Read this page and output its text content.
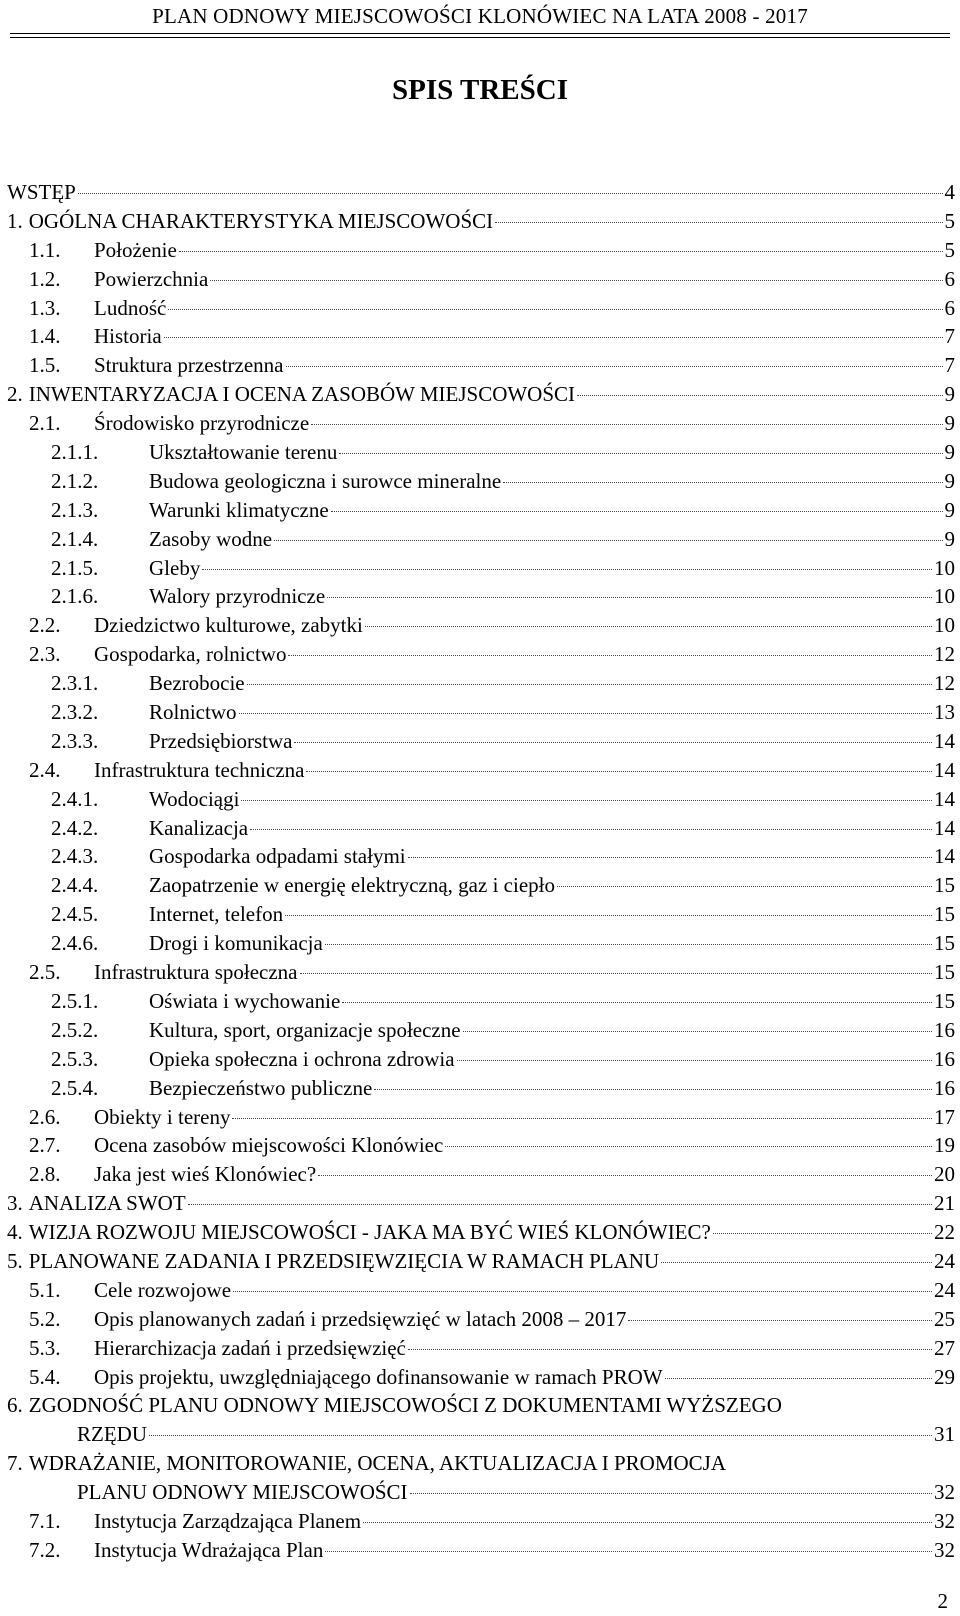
PLAN ODNOWY MIEJSCOWOŚCI KLONÓWIEC NA LATA 2008 - 2017
SPIS TREŚCI
WSTĘP	4
1. OGÓLNA CHARAKTERYSTYKA MIEJSCOWOŚCI	5
1.1.	Położenie	5
1.2.	Powierzchnia	6
1.3.	Ludność	6
1.4.	Historia	7
1.5.	Struktura przestrzenna	7
2. INWENTARYZACJA I OCENA ZASOBÓW MIEJSCOWOŚCI	9
2.1.	Środowisko przyrodnicze	9
2.1.1.	Ukształtowanie terenu	9
2.1.2.	Budowa geologiczna i surowce mineralne	9
2.1.3.	Warunki klimatyczne	9
2.1.4.	Zasoby wodne	9
2.1.5.	Gleby	10
2.1.6.	Walory przyrodnicze	10
2.2.	Dziedzictwo kulturowe, zabytki	10
2.3.	Gospodarka, rolnictwo	12
2.3.1.	Bezrobocie	12
2.3.2.	Rolnictwo	13
2.3.3.	Przedsiębiorstwa	14
2.4.	Infrastruktura techniczna	14
2.4.1.	Wodociągi	14
2.4.2.	Kanalizacja	14
2.4.3.	Gospodarka odpadami stałymi	14
2.4.4.	Zaopatrzenie w energię elektryczną, gaz i ciepło	15
2.4.5.	Internet, telefon	15
2.4.6.	Drogi i komunikacja	15
2.5.	Infrastruktura społeczna	15
2.5.1.	Oświata i wychowanie	15
2.5.2.	Kultura, sport, organizacje społeczne	16
2.5.3.	Opieka społeczna i ochrona zdrowia	16
2.5.4.	Bezpieczeństwo publiczne	16
2.6.	Obiekty i tereny	17
2.7.	Ocena zasobów miejscowości Klonówiec	19
2.8.	Jaka jest wieś Klonówiec?	20
3. ANALIZA SWOT	21
4. WIZJA ROZWOJU MIEJSCOWOŚCI - JAKA MA BYĆ WIEŚ KLONÓWIEC?	22
5. PLANOWANE ZADANIA I PRZEDSIĘWZIĘCIA W RAMACH PLANU	24
5.1.	Cele rozwojowe	24
5.2.	Opis planowanych zadań i przedsięwzięć w latach 2008 – 2017	25
5.3.	Hierarchizacja zadań i przedsięwzięć	27
5.4.	Opis projektu, uwzględniającego dofinansowanie w ramach PROW	29
6. ZGODNOŚĆ PLANU ODNOWY MIEJSCOWOŚCI Z DOKUMENTAMI WYŻSZEGO
RZĘDU	31
7. WDRAŻANIE, MONITOROWANIE, OCENA, AKTUALIZACJA I PROMOCJA
PLANU ODNOWY MIEJSCOWOŚCI	32
7.1.	Instytucja Zarządzająca Planem	32
7.2.	Instytucja Wdrażająca Plan	32
2
